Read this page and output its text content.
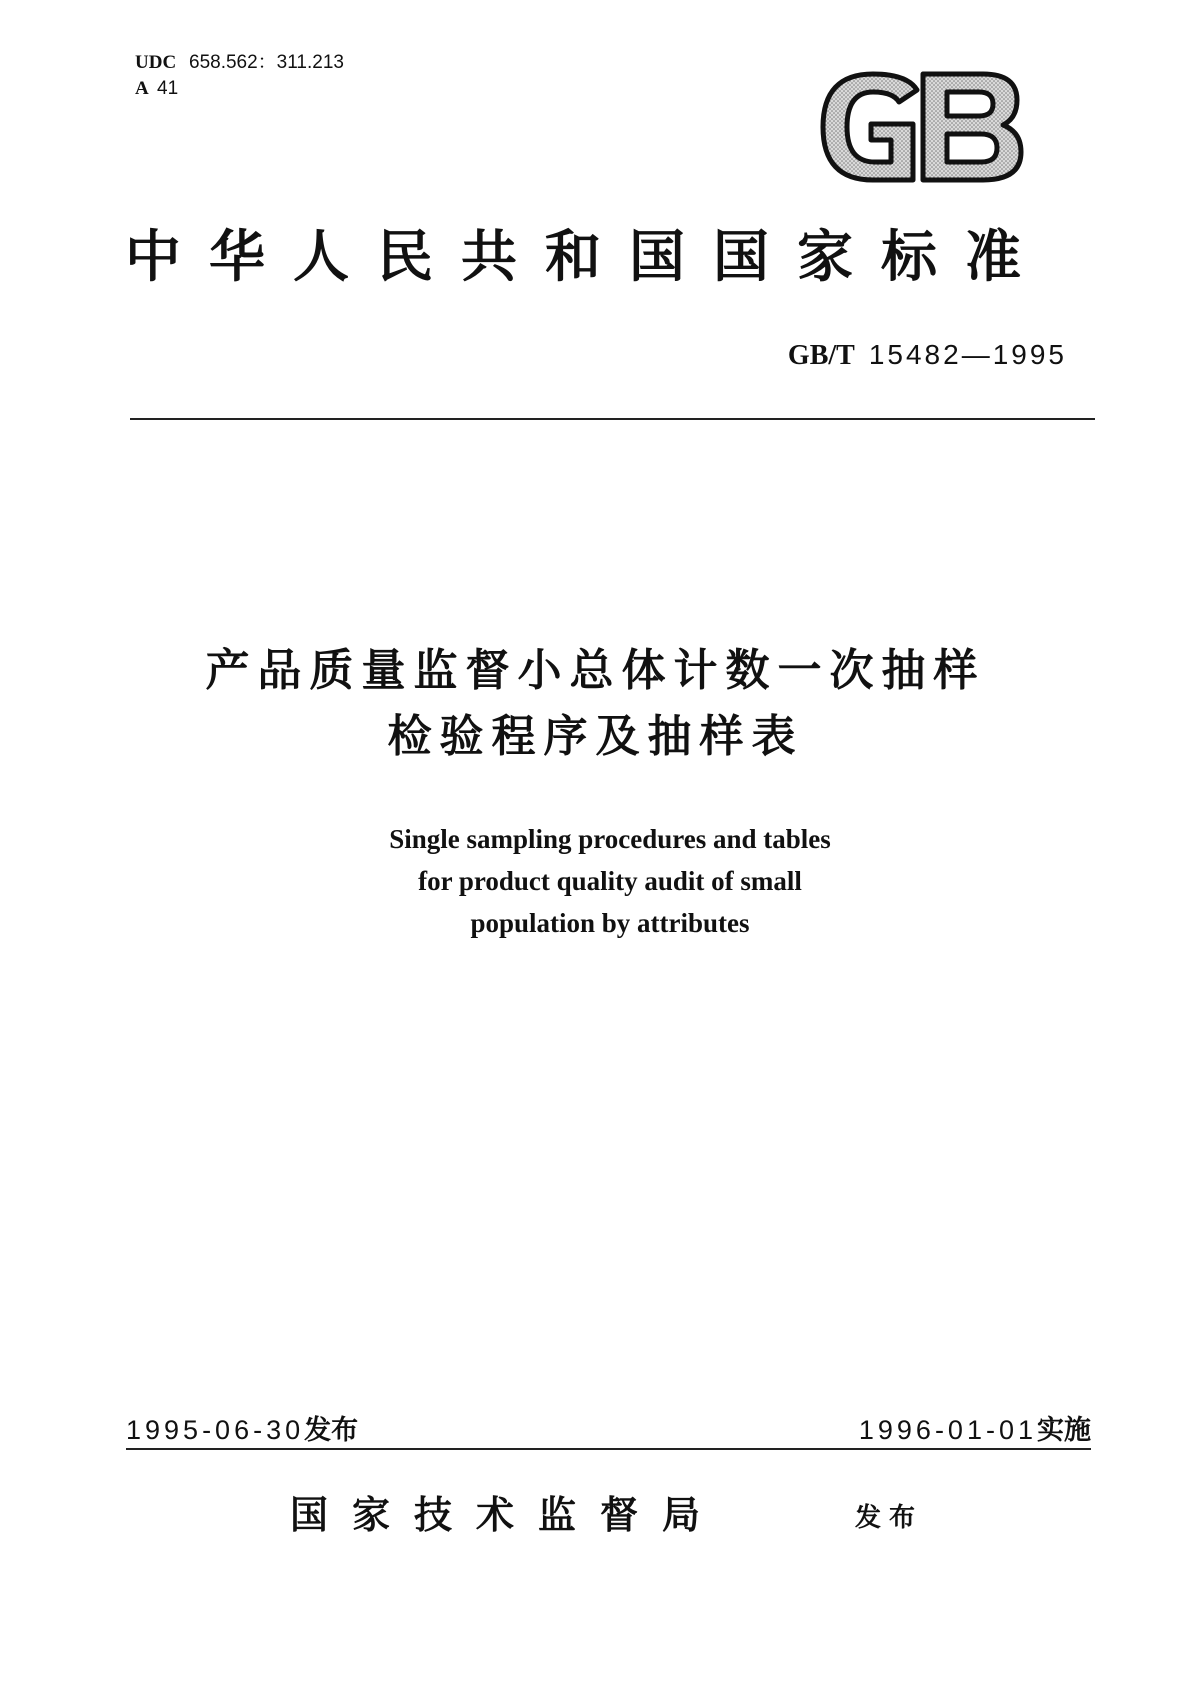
UDC 658.562：311.213
A 41
中华人民共和国国家标准
GB/T 15482—1995
产品质量监督小总体计数一次抽样
检验程序及抽样表
Single sampling procedures and tables
for product quality audit of small
population by attributes
1995-06-30发布	1996-01-01实施
国家技术监督局	发布
